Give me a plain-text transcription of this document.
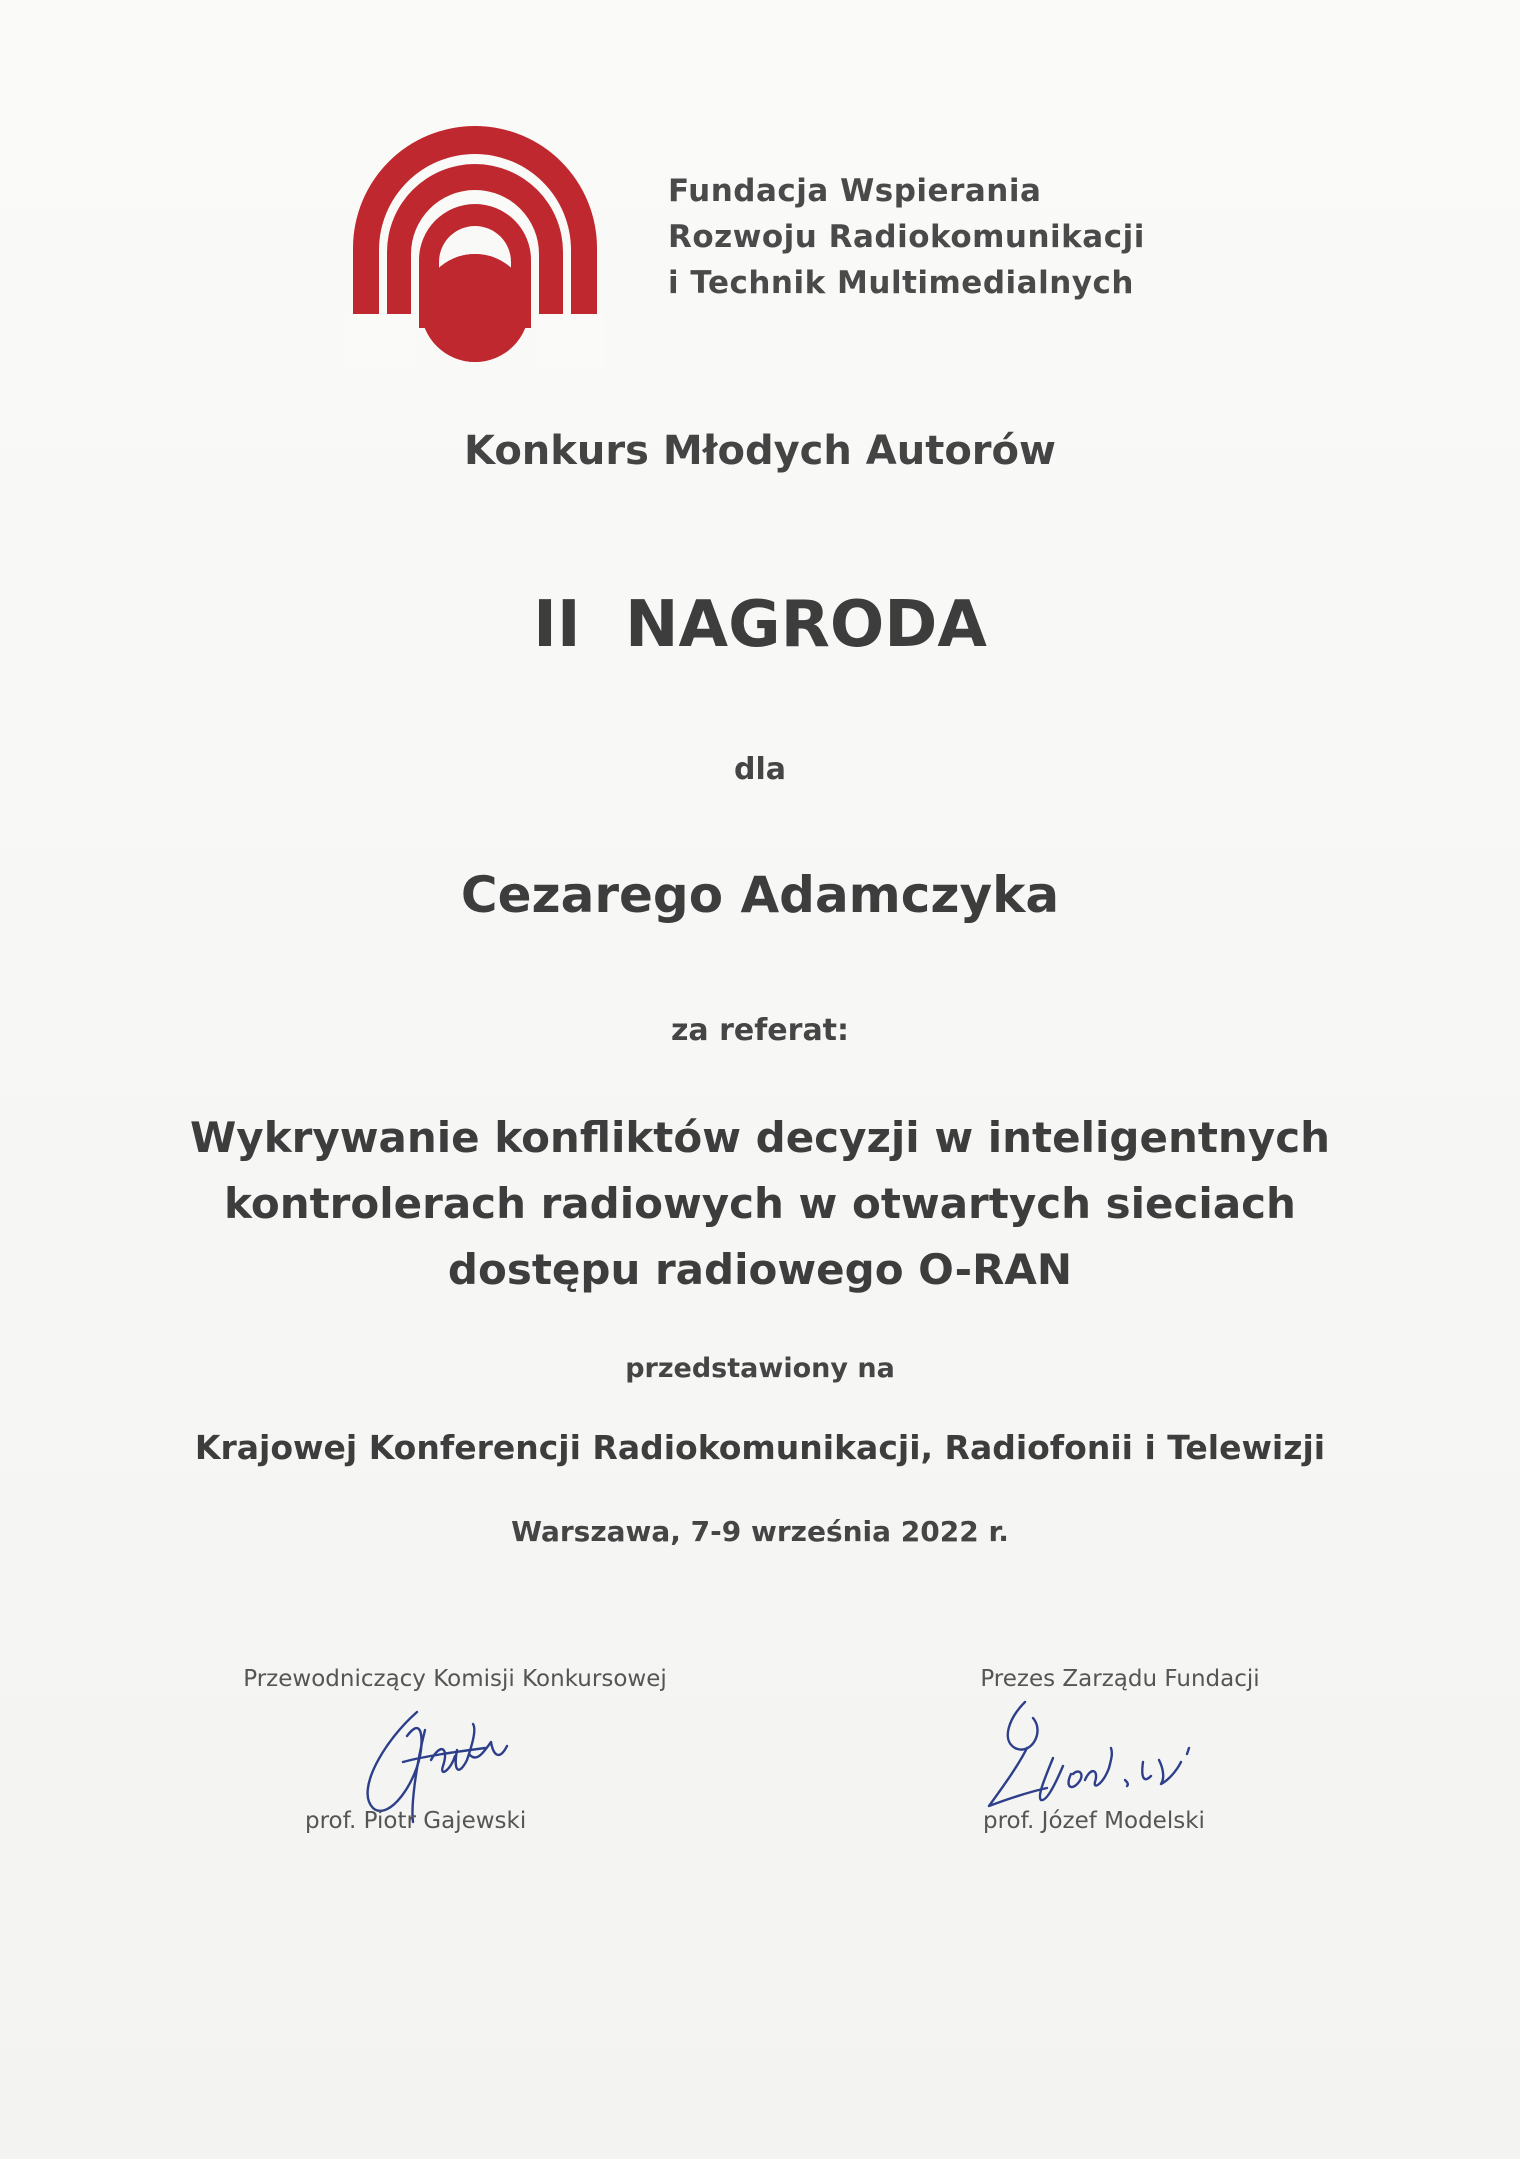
Fundacja Wspierania
Rozwoju Radiokomunikacji
i Technik Multimedialnych
Konkurs Młodych Autorów
II NAGRODA
dla
Cezarego Adamczyka
za referat:
Wykrywanie konfliktów decyzji w inteligentnych
kontrolerach radiowych w otwartych sieciach
dostępu radiowego O-RAN
przedstawiony na
Krajowej Konferencji Radiokomunikacji, Radiofonii i Telewizji
Warszawa, 7-9 września 2022 r.
Przewodniczący Komisji Konkursowej	Prezes Zarządu Fundacji
prof. Piotr Gajewski	prof. Józef Modelski
